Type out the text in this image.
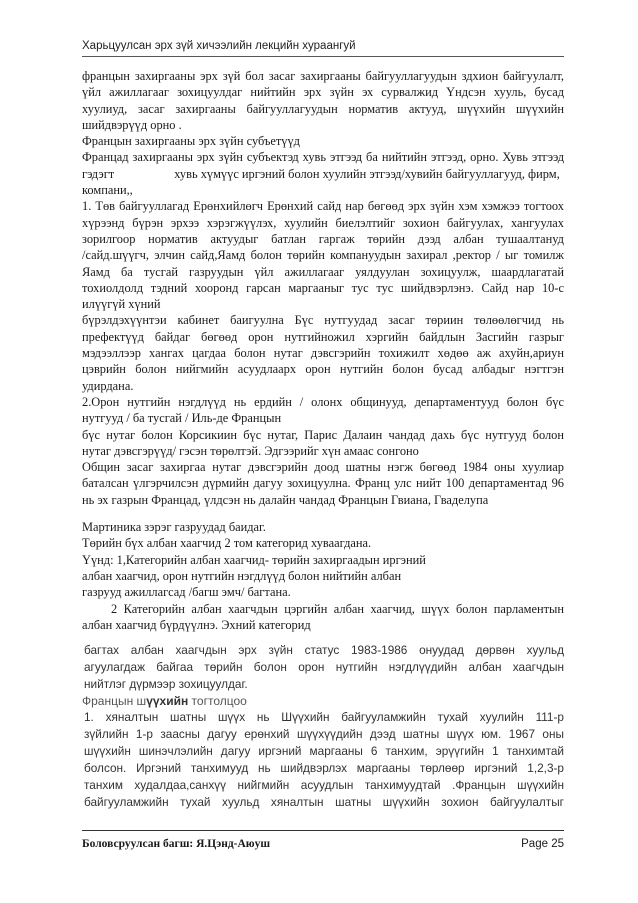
Харьцуулсан эрх зүй хичээлийн лекцийн хураангуй

францын захиргааны эрх зүй бол засаг захиргааны байгууллагуудын здхион байгуулалт,

үйл ажиллагааг зохицуулдаг нийтийн эрх зүйн эх сурвалжид Үндсэн хууль, бусад

хуулиуд, засаг захиргааны байгууллагуудын норматив актууд, шүүхийн шүүхийн

шийдвэрүүд орно .

Францын захиргааны эрх зүйн субъетүүд

Францад захиргааны эрх зүйн субъектэд хувь этгээд ба нийтийн этгээд, орно. Хувь этгээд

гэдэгт	хувь хүмүүс иргэний болон хуулийн этгээд/хувийн байгууллагууд, фирм,

компани,,

1. Төв байгууллагад Ерөнхийлөгч Ерөнхий сайд нар бөгөөд эрх зүйн хэм хэмжээ тогтоох

хүрээнд бүрэн эрхээ хэрэгжүүлэх, хуулийн биелэлтийг зохион байгуулах, хангуулах

зорилгоор норматив актуудыг батлан гаргаж төрийн дээд албан тушаалтануд

/сайд.шүүгч, элчин сайд,Яамд болон төрийн компануудын захирал ,ректор / ыг томилж

Яамд ба тусгай газруудын үйл ажиллагааг уялдуулан зохицуулж, шаардлагатай

тохиолдолд тэдний хооронд гарсан маргааныг тус тус шийдвэрлэнэ. Сайд нар 10-с

илүүгүй хүний

бүрэлдэхүүнтэи кабинет баигуулна Бүс нутгуудад засаг төриин төлөөлөгчид нь

префектүүд байдаг бөгөөд орон нутгийножил хэргийн байдлын Засгийн газрыг

мэдээллээр хангах цагдаа болон нутаг дэвсгэрийн тохижилт хөдөө аж ахуйн,ариун

цэврийн болон нийгмийн асуудлаарх орон нутгийн болон бусад албадыг нэгтгэн

удирдана.

2.Орон нутгийн нэгдлүүд нь ердийн / олонх общинууд, департаментууд болон бүс

нутгууд / ба тусгай / Иль-де Францын

бүс нутаг болон Корсикиин бүс нутаг, Парис Далаин чандад дахь бүс нутгууд болон

нутаг дэвсгэрүүд/ гэсэн төрөлтэй. Эдгээрийг хүн амаас сонгоно

Общин засаг захиргаа нутаг дэвсгэрийн доод шатны нэгж бөгөөд 1984 оны хуулиар

баталсан үлгэрчилсэн дүрмийн дагуу зохицуулна. Франц улс нийт 100 департаментад 96

нь эх газрын Францад, үлдсэн нь далайн чандад Францын Гвиана, Гваделупа

Мартиника зэрэг газруудад баидаг.

Төрийн бүх албан хаагчид 2 том категорид хуваагдана.

Үүнд: 1,Категорийн албан хаагчид- төрийн захиргаадын иргэний

албан хаагчид, орон нутгийн нэгдлүүд болон нийтийн албан

газрууд ажиллагсад /багш эмч/ багтана.

2 Категорийн албан хаагчдын цэргийн албан хаагчид, шүүх болон парламентын

албан хаагчид бүрдүүлнэ. Эхний категорид

багтах албан хаагчдын эрх зүйн статус 1983-1986 онуудад дөрвөн хуульд

агуулагдаж байгаа төрийн болон орон нутгийн нэгдлүүдийн албан хаагчдын

нийтлэг дүрмээр зохицуулдаг.

Францын шүүхийн тогтолцоо

1. хяналтын шатны шүүх нь Шүүхийн байгууламжийн тухай хуулийн 111-р

зүйлийн 1-р заасны дагуу ерөнхий шүүхүүдийн дээд шатны шүүх юм. 1967 оны

шүүхийн шинэчлэлийн дагуу иргэний маргааны 6 танхим, эрүүгийн 1 танхимтай

болсон. Иргэний танхимууд нь шийдвэрлэх маргааны төрлөөр иргэний 1,2,3-р

танхим худалдаа,санхүү нийгмийн асуудлын танхимуудтай .Францын шүүхийн

байгууламжийн тухай хуульд хяналтын шатны шүүхийн зохион байгуулалтыг

Боловсруулсан багш: Я.Цэнд-Аюуш	Page 25
